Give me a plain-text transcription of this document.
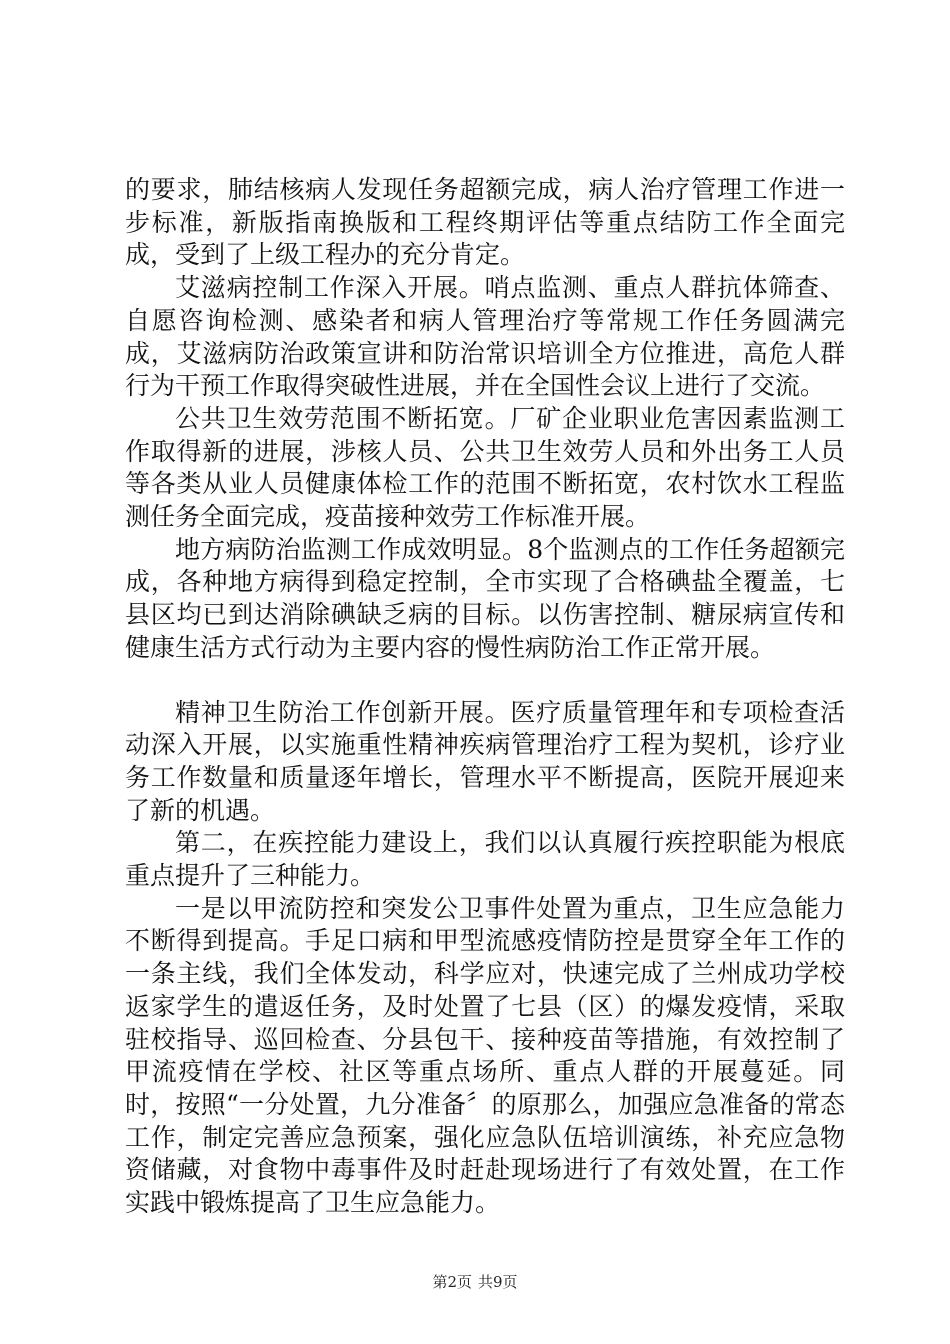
的要求，肺结核病人发现任务超额完成，病人治疗管理工作进一步标准，新版指南换版和工程终期评估等重点结防工作全面完成，受到了上级工程办的充分肯定。

艾滋病控制工作深入开展。哨点监测、重点人群抗体筛查、自愿咨询检测、感染者和病人管理治疗等常规工作任务圆满完成，艾滋病防治政策宣讲和防治常识培训全方位推进，高危人群行为干预工作取得突破性进展，并在全国性会议上进行了交流。

公共卫生效劳范围不断拓宽。厂矿企业职业危害因素监测工作取得新的进展，涉核人员、公共卫生效劳人员和外出务工人员等各类从业人员健康体检工作的范围不断拓宽，农村饮水工程监测任务全面完成，疫苗接种效劳工作标准开展。

地方病防治监测工作成效明显。8个监测点的工作任务超额完成，各种地方病得到稳定控制，全市实现了合格碘盐全覆盖，七县区均已到达消除碘缺乏病的目标。以伤害控制、糖尿病宣传和健康生活方式行动为主要内容的慢性病防治工作正常开展。

精神卫生防治工作创新开展。医疗质量管理年和专项检查活动深入开展，以实施重性精神疾病管理治疗工程为契机，诊疗业务工作数量和质量逐年增长，管理水平不断提高，医院开展迎来了新的机遇。

第二，在疾控能力建设上，我们以认真履行疾控职能为根底重点提升了三种能力。

一是以甲流防控和突发公卫事件处置为重点，卫生应急能力不断得到提高。手足口病和甲型流感疫情防控是贯穿全年工作的一条主线，我们全体发动，科学应对，快速完成了兰州成功学校返家学生的遣返任务，及时处置了七县（区）的爆发疫情，采取驻校指导、巡回检查、分县包干、接种疫苗等措施，有效控制了甲流疫情在学校、社区等重点场所、重点人群的开展蔓延。同时，按照“一分处置，九分准备〞的原那么，加强应急准备的常态工作，制定完善应急预案，强化应急队伍培训演练，补充应急物资储藏，对食物中毒事件及时赶赴现场进行了有效处置，在工作实践中锻炼提高了卫生应急能力。

第2页 共9页
